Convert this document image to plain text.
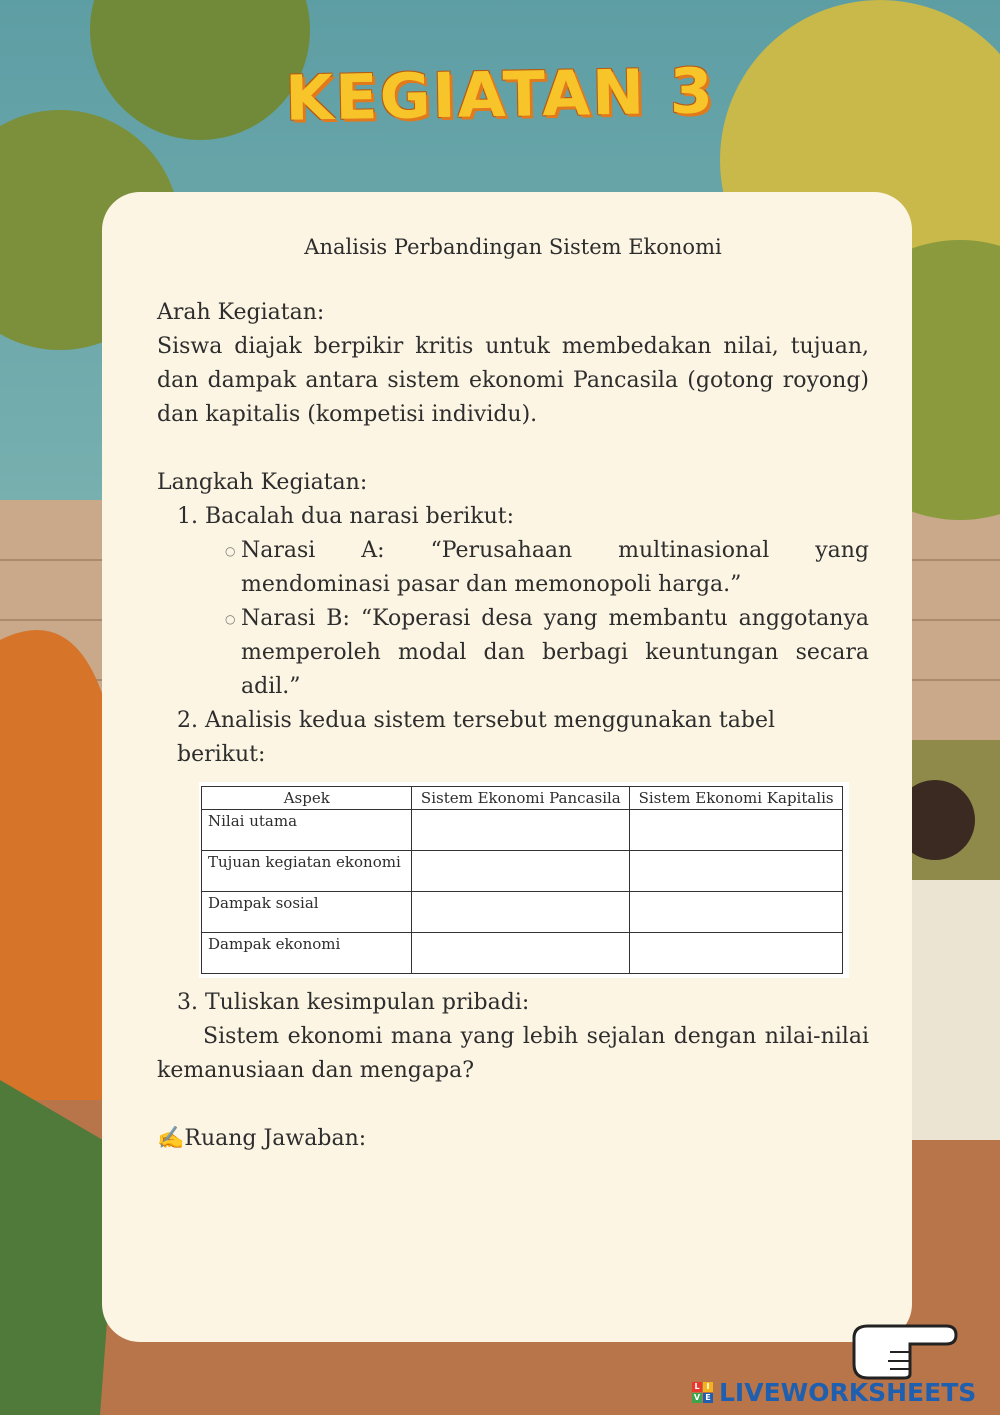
KEGIATAN 3

Analisis Perbandingan Sistem Ekonomi

Arah Kegiatan:

Siswa diajak berpikir kritis untuk membedakan nilai, tujuan, dan dampak antara sistem ekonomi Pancasila (gotong royong) dan kapitalis (kompetisi individu).

Langkah Kegiatan:

1. Bacalah dua narasi berikut:

○ Narasi A: “Perusahaan multinasional yang mendominasi pasar dan memonopoli harga.”
○ Narasi B: “Koperasi desa yang membantu anggotanya memperoleh modal dan berbagi keuntungan secara adil.”

2. Analisis kedua sistem tersebut menggunakan tabel berikut:

Aspek	Sistem Ekonomi Pancasila	Sistem Ekonomi Kapitalis
Nilai utama		
Tujuan kegiatan ekonomi		
Dampak sosial		
Dampak ekonomi		

3. Tuliskan kesimpulan pribadi:

Sistem ekonomi mana yang lebih sejalan dengan nilai-nilai kemanusiaan dan mengapa?

✍Ruang Jawaban:

L I
V E LIVEWORKSHEETS
